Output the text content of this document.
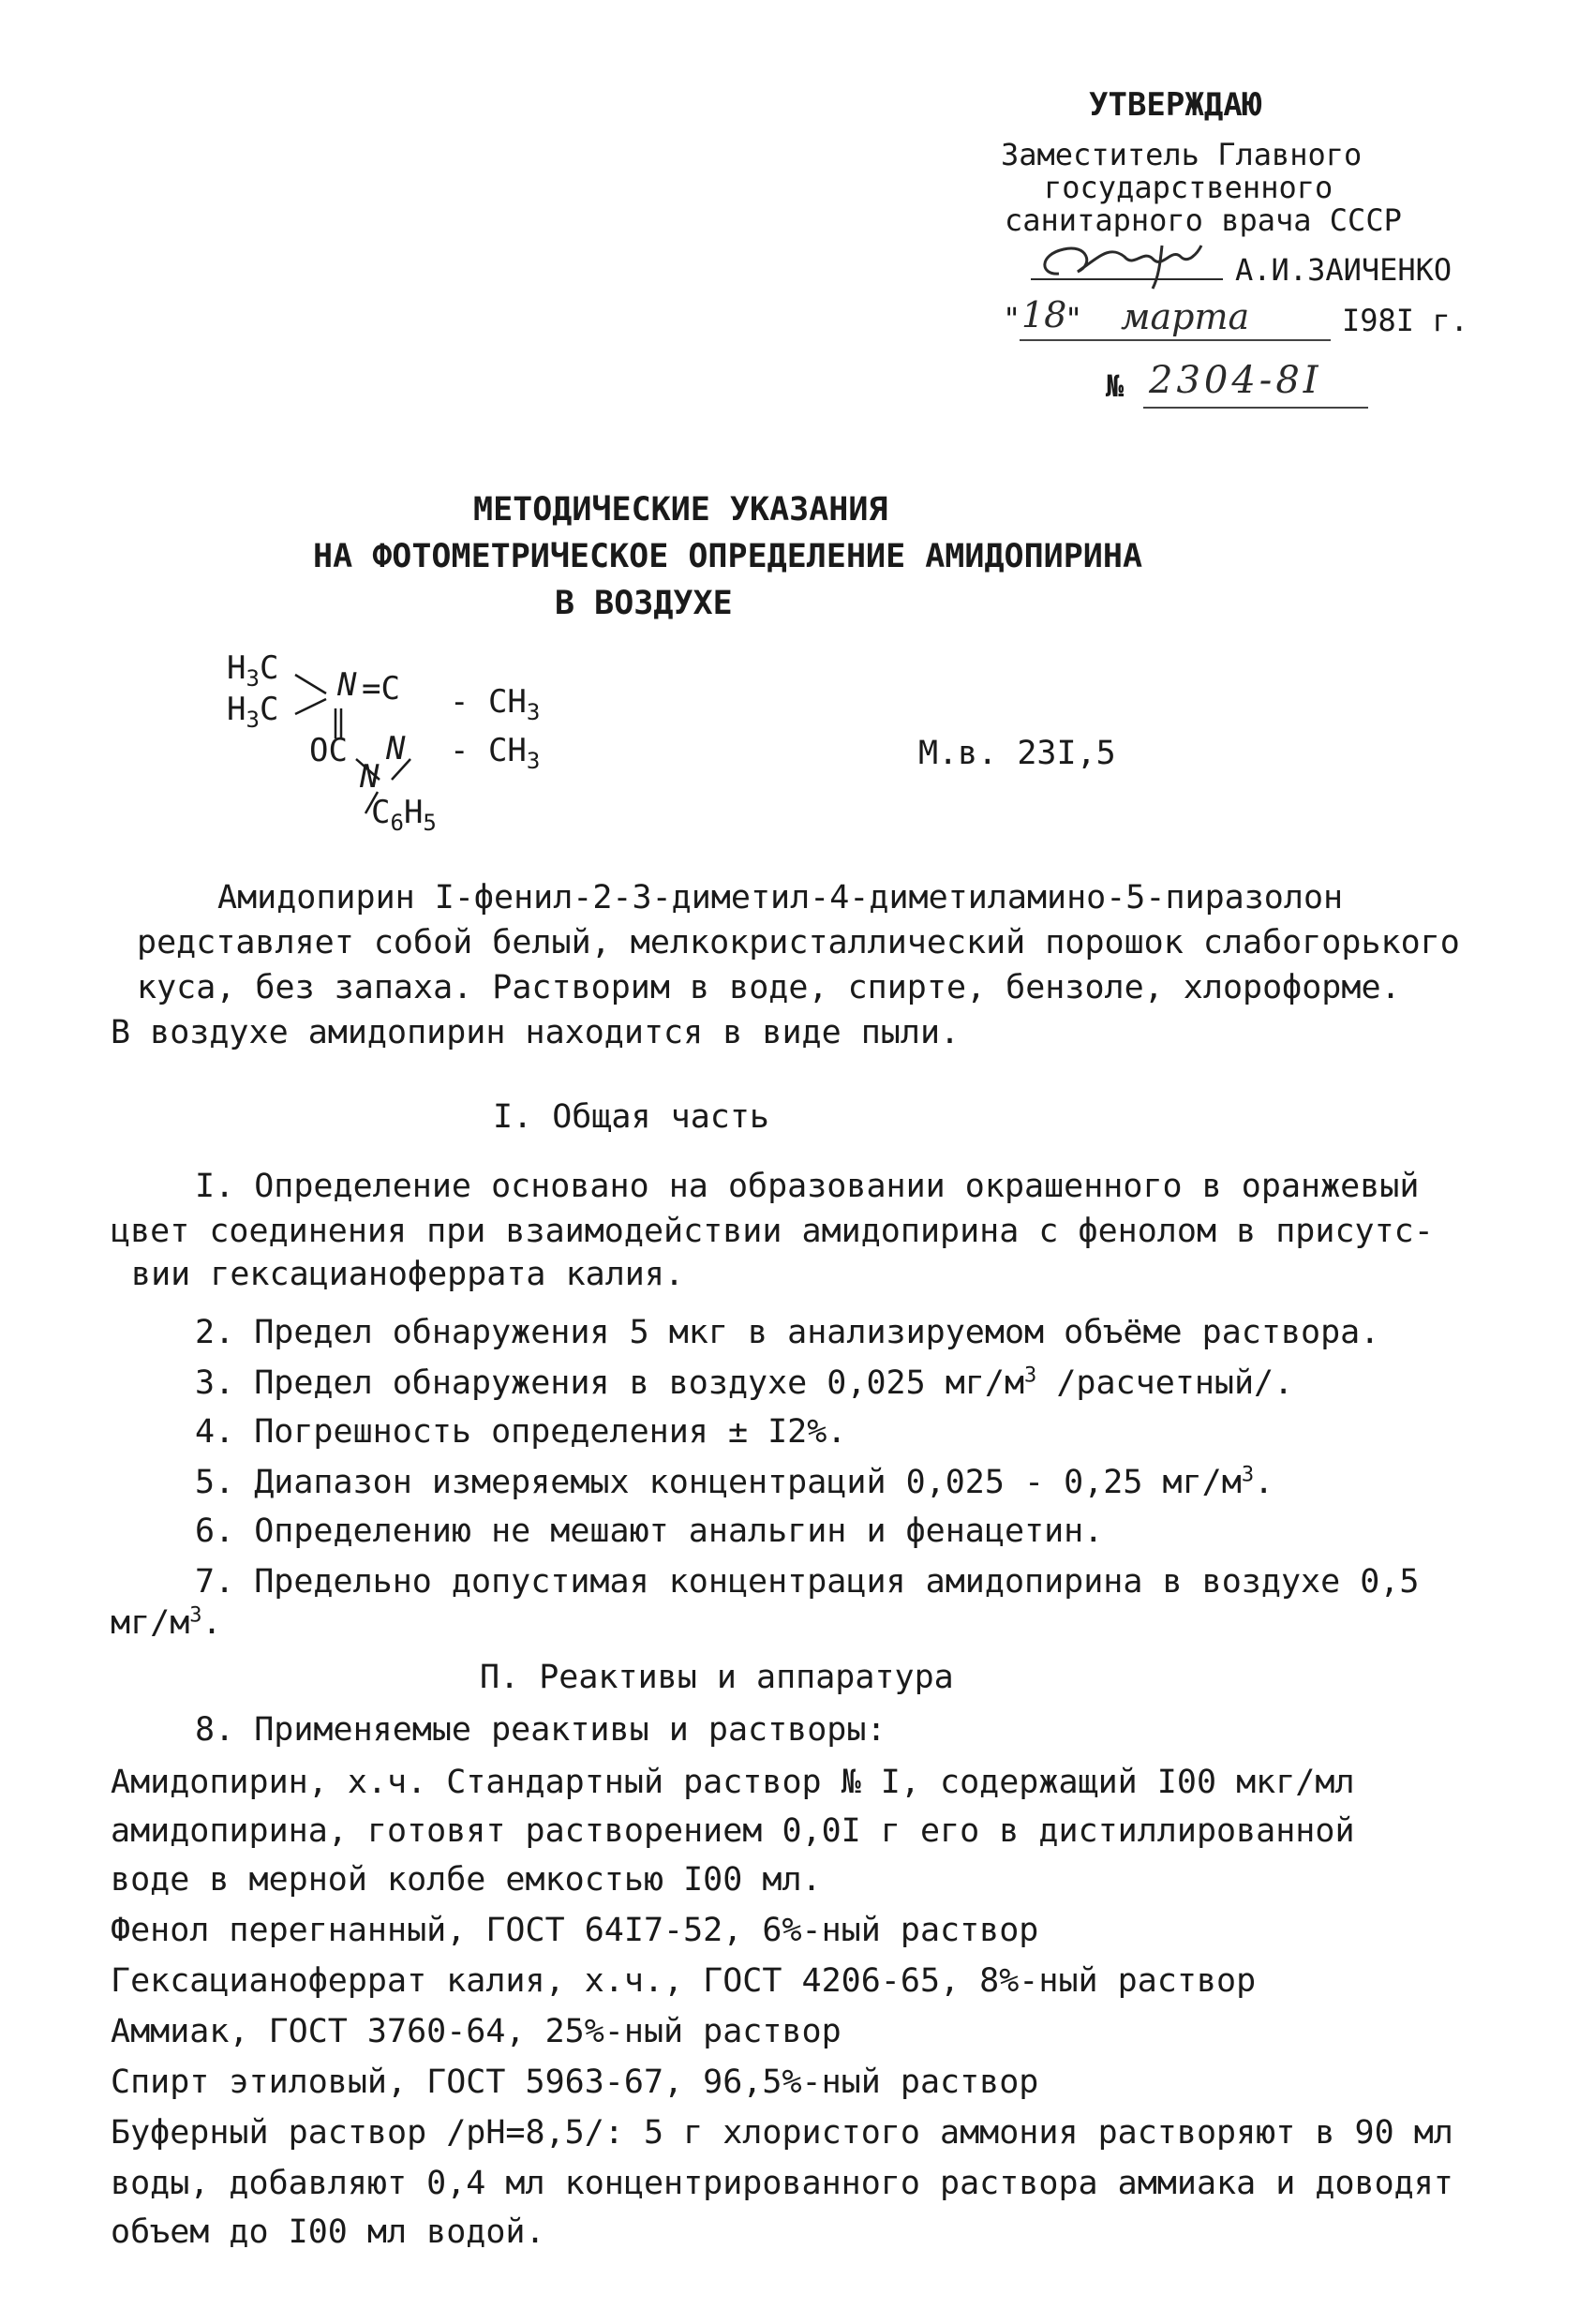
УТВЕРЖДАЮ
Заместитель Главного
государственного
санитарного врача СССР
А.И.ЗАИЧЕНКО
" 18
" марта	I98I г.
№ 2304-8I
МЕТОДИЧЕСКИЕ УКАЗАНИЯ
НА ФОТОМЕТРИЧЕСКОЕ ОПРЕДЕЛЕНИЕ АМИДОПИРИНА
В ВОЗДУХЕ
$H_3C$
$H_3C$
$N =C - CH_3$
OC N - $CH_3$
N
$C_6H_5$
М.в. 23I,5
Амидопирин I-фенил-2-3-диметил-4-диметиламино-5-пиразолон
редставляет собой белый, мелкокристаллический порошок слабогорького
куса, без запаха. Растворим в воде, спирте, бензоле, хлороформе.
В воздухе амидопирин находится в виде пыли.
I. Общая часть
I. Определение основано на образовании окрашенного в оранжевый
цвет соединения при взаимодействии амидопирина с фенолом в присутс-
вии гексацианоферрата калия.
2. Предел обнаружения 5 мкг в анализируемом объёме раствора.
3. Предел обнаружения в воздухе 0,025 $мг/м^3$ /расчетный/.
4. Погрешность определения ± I2%.
5. Диапазон измеряемых концентраций 0,025 - 0,25 $мг/м^3$.
6. Определению не мешают анальгин и фенацетин.
7. Предельно допустимая концентрация амидопирина в воздухе 0,5
$мг/м^3$.
П. Реактивы и аппаратура
8. Применяемые реактивы и растворы:
Амидопирин, х.ч. Стандартный раствор № I, содержащий I00 мкг/мл
амидопирина, готовят растворением 0,0I г его в дистиллированной
воде в мерной колбе емкостью I00 мл.
Фенол перегнанный, ГОСТ 64I7-52, 6%-ный раствор
Гексацианоферрат калия, х.ч., ГОСТ 4206-65, 8%-ный раствор
Аммиак, ГОСТ 3760-64, 25%-ный раствор
Спирт этиловый, ГОСТ 5963-67, 96,5%-ный раствор
Буферный раствор /рН=8,5/: 5 г хлористого аммония растворяют в 90 мл
воды, добавляют 0,4 мл концентрированного раствора аммиака и доводят
объем до I00 мл водой.
